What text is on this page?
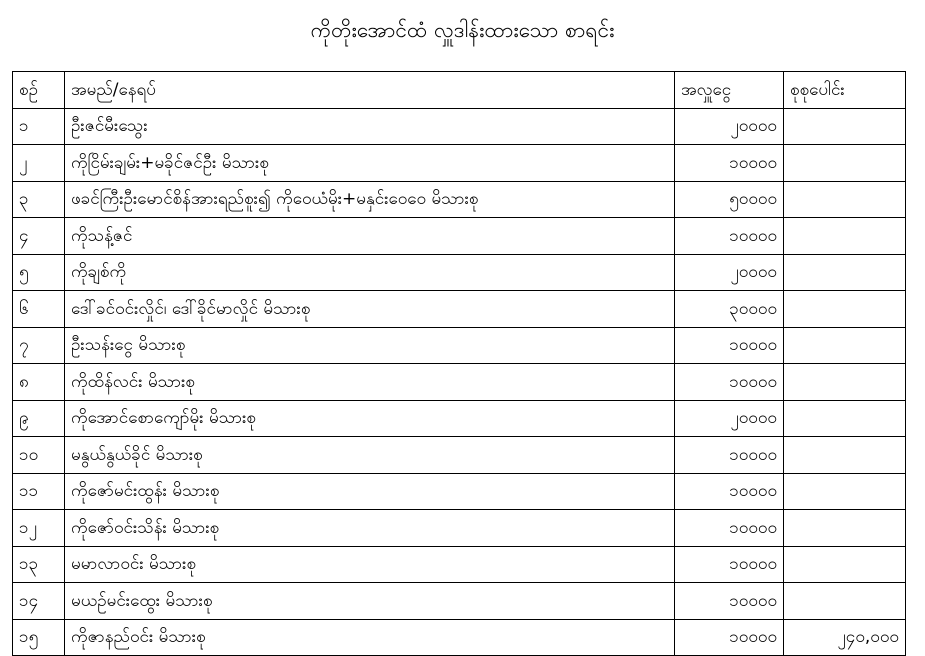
ကိုတိုးအောင်ထံ လှူဒါန်းထားသော စာရင်း
စဉ်	အမည်/နေရပ်	အလှူငွေ	စုစုပေါင်း
၁	ဦးဇင်မီးသွေး	၂၀၀၀၀	
၂	ကိုငြိမ်းချမ်း+မခိုင်ဇင်ဦး မိသားစု	၁၀၀၀၀	
၃	ဖခင်ကြီးဦးမောင်စိန်အားရည်စူး၍ ကိုဝေယံမိုး+မနှင်းဝေဝေ မိသားစု	၅၀၀၀၀	
၄	ကိုသန့်ဇင်	၁၀၀၀၀	
၅	ကိုချစ်ကို	၂၀၀၀၀	
၆	ဒေါ်ခင်ဝင်းလှိုင်၊ ဒေါ်ခိုင်မာလှိုင် မိသားစု	၃၀၀၀၀	
၇	ဦးသန်းငွေ မိသားစု	၁၀၀၀၀	
၈	ကိုထိန်လင်း မိသားစု	၁၀၀၀၀	
၉	ကိုအောင်စောကျော်မိုး မိသားစု	၂၀၀၀၀	
၁၀	မနွယ်နွယ်ခိုင် မိသားစု	၁၀၀၀၀	
၁၁	ကိုဇော်မင်းထွန်း မိသားစု	၁၀၀၀၀	
၁၂	ကိုဇော်ဝင်းသိန်း မိသားစု	၁၀၀၀၀	
၁၃	မမာလာဝင်း မိသားစု	၁၀၀၀၀	
၁၄	မယဉ်မင်းထွေး မိသားစု	၁၀၀၀၀	
၁၅	ကိုဇာနည်ဝင်း မိသားစု	၁၀၀၀၀	၂၄၀,၀၀၀
